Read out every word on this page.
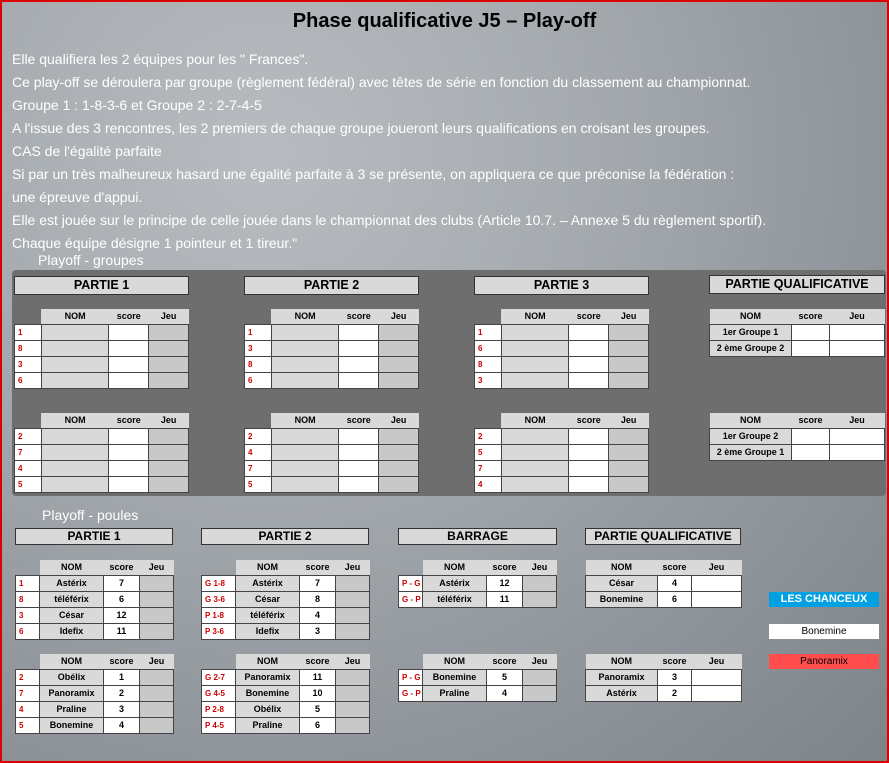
Phase qualificative J5 – Play-off

Elle qualifiera les 2 équipes pour les " Frances".

Ce play-off se déroulera par groupe (règlement fédéral) avec têtes de série en fonction du classement au championnat.

Groupe 1 : 1-8-3-6 et Groupe 2 : 2-7-4-5

A l'issue des 3 rencontres, les 2 premiers de chaque groupe joueront leurs qualifications en croisant les groupes.

CAS de l'égalité parfaite

Si par un très malheureux hasard une égalité parfaite à 3 se présente, on appliquera ce que préconise la fédération :

une épreuve d'appui.

Elle est jouée sur le principe de celle jouée dans le championnat des clubs (Article 10.7. – Annexe 5 du règlement sportif).

Chaque équipe désigne 1 pointeur et 1 tireur."

Playoff - groupes
PARTIE 1	PARTIE 2	PARTIE 3	PARTIE QUALIFICATIVE
	NOM	score	Jeu
1			
8			
3			
6			
	NOM	score	Jeu
1			
3			
8			
6			
	NOM	score	Jeu
1			
6			
8			
3			
	NOM	score	Jeu
2			
7			
4			
5			
	NOM	score	Jeu
2			
4			
7			
5			
	NOM	score	Jeu
2			
5			
7			
4			
NOM	score	Jeu
1er Groupe 1		
2 ème Groupe 2		
NOM	score	Jeu
1er Groupe 2		
2 ème Groupe 1		
Playoff - poules
PARTIE 1	PARTIE 2	BARRAGE	PARTIE QUALIFICATIVE
	NOM	score	Jeu
1	Astérix	7	
8	téléférix	6	
3	César	12	
6	Idefix	11	
	NOM	score	Jeu
2	Obélix	1	
7	Panoramix	2	
4	Praline	3	
5	Bonemine	4	
	NOM	score	Jeu
G 1-8	Astérix	7	
G 3-6	César	8	
P 1-8	téléférix	4	
P 3-6	Idefix	3	
	NOM	score	Jeu
G 2-7	Panoramix	11	
G 4-5	Bonemine	10	
P 2-8	Obélix	5	
P 4-5	Praline	6	
	NOM	score	Jeu
P - G	Astérix	12	
G - P	téléférix	11	
	NOM	score	Jeu
P - G	Bonemine	5	
G - P	Praline	4	
NOM	score	Jeu
César	4	
Bonemine	6	
NOM	score	Jeu
Panoramix	3	
Astérix	2	
LES CHANCEUX
Bonemine
Panoramix
